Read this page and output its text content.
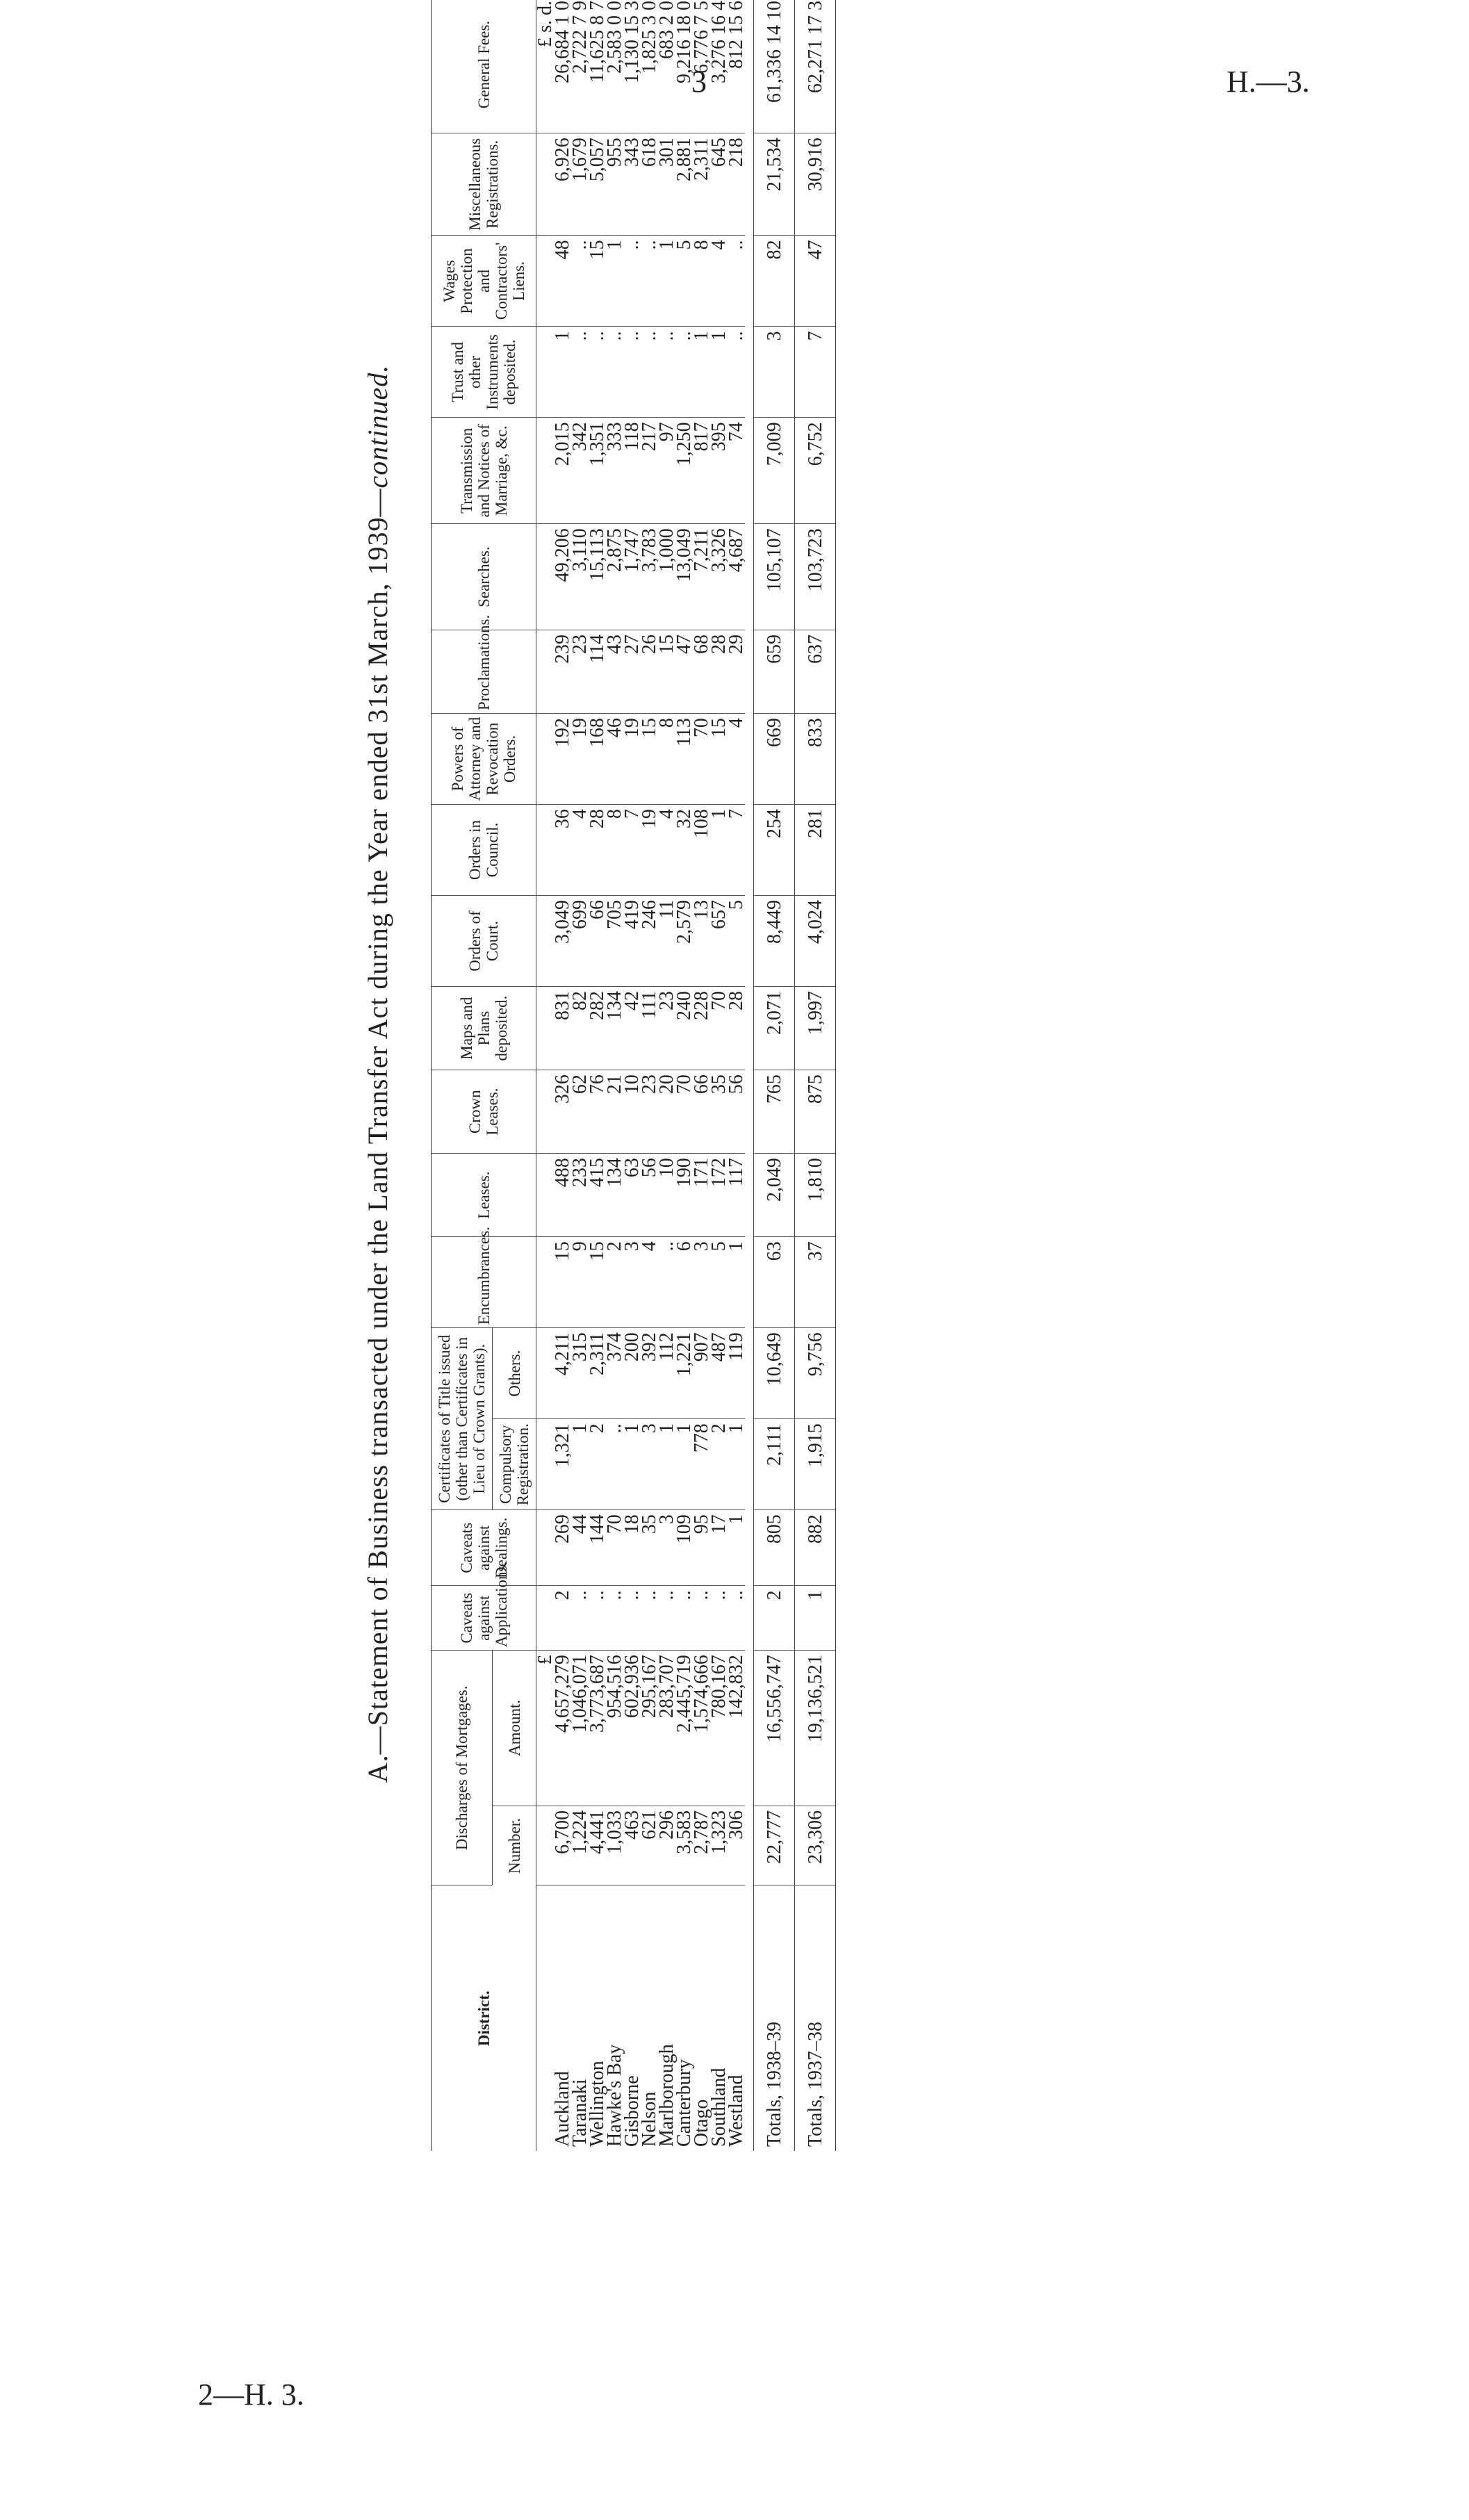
3	H.—3.
2—H. 3.
A.—Statement of Business transacted under the Land Transfer Act during the Year ended 31st March, 1939—continued.
District.	Discharges of Mortgages.		Caveats against Applications.	Caveats against Dealings.	Certificates of Title issued (other than Certificates in Lieu of Crown Grants).		Encumbrances.	Leases.	Crown Leases.	Maps and Plans deposited.	Orders of Court.	Orders in Council.	Powers of Attorney and Revocation Orders.	Proclamations.	Searches.	Transmission and Notices of Marriage, &c.	Trust and other Instruments deposited.	Wages Protection and Contractors' Liens.	Miscellaneous Registrations.	General Fees.
	Number.	Amount.			Compulsory Registration.	Others.														
		£																		£ s. d.
Auckland	6,700	4,657,279	2	269	1,321	4,211	15	488	326	831	3,049	36	192	239	49,206	2,015	1	48	6,926	26,684 1 0
Taranaki	1,224	1,046,071	..	44	1	315	9	233	62	82	699	4	19	23	3,110	342	..	..	1,679	2,722 7 9
Wellington	4,441	3,773,687	..	144	2	2,311	15	415	76	282	66	28	168	114	15,113	1,351	..	15	5,057	11,625 8 7
Hawke's Bay	1,033	954,516	..	70	..	374	2	134	21	134	705	8	46	43	2,875	333	..	1	955	2,583 0 0
Gisborne	463	602,936	..	18	1	200	3	63	10	42	419	7	19	27	1,747	118	..	..	343	1,130 15 3
Nelson	621	295,167	..	35	3	392	4	56	23	111	246	19	15	26	3,783	217	..	..	618	1,825 3 0
Marlborough	296	283,707	..	3	1	112	..	10	20	23	11	4	8	15	1,000	97	..	1	301	683 2 0
Canterbury	3,583	2,445,719	..	109	1	1,221	6	190	70	240	2,579	32	113	47	13,049	1,250	..	5	2,881	9,216 18 0
Otago	2,787	1,574,666	..	95	778	907	3	171	66	228	13	108	70	68	7,211	817	1	8	2,311	6,776 7 5
Southland	1,323	780,167	..	17	2	487	5	172	35	70	657	1	15	28	3,326	395	1	4	645	3,276 16 4
Westland	306	142,832	..	1	1	119	1	117	56	28	5	7	4	29	4,687	74	..	..	218	812 15 6

Totals, 1938–39	22,777	16,556,747	2	805	2,111	10,649	63	2,049	765	2,071	8,449	254	669	659	105,107	7,009	3	82	21,534	61,336 14 10
Totals, 1937–38	23,306	19,136,521	1	882	1,915	9,756	37	1,810	875	1,997	4,024	281	833	637	103,723	6,752	7	47	30,916	62,271 17 3
